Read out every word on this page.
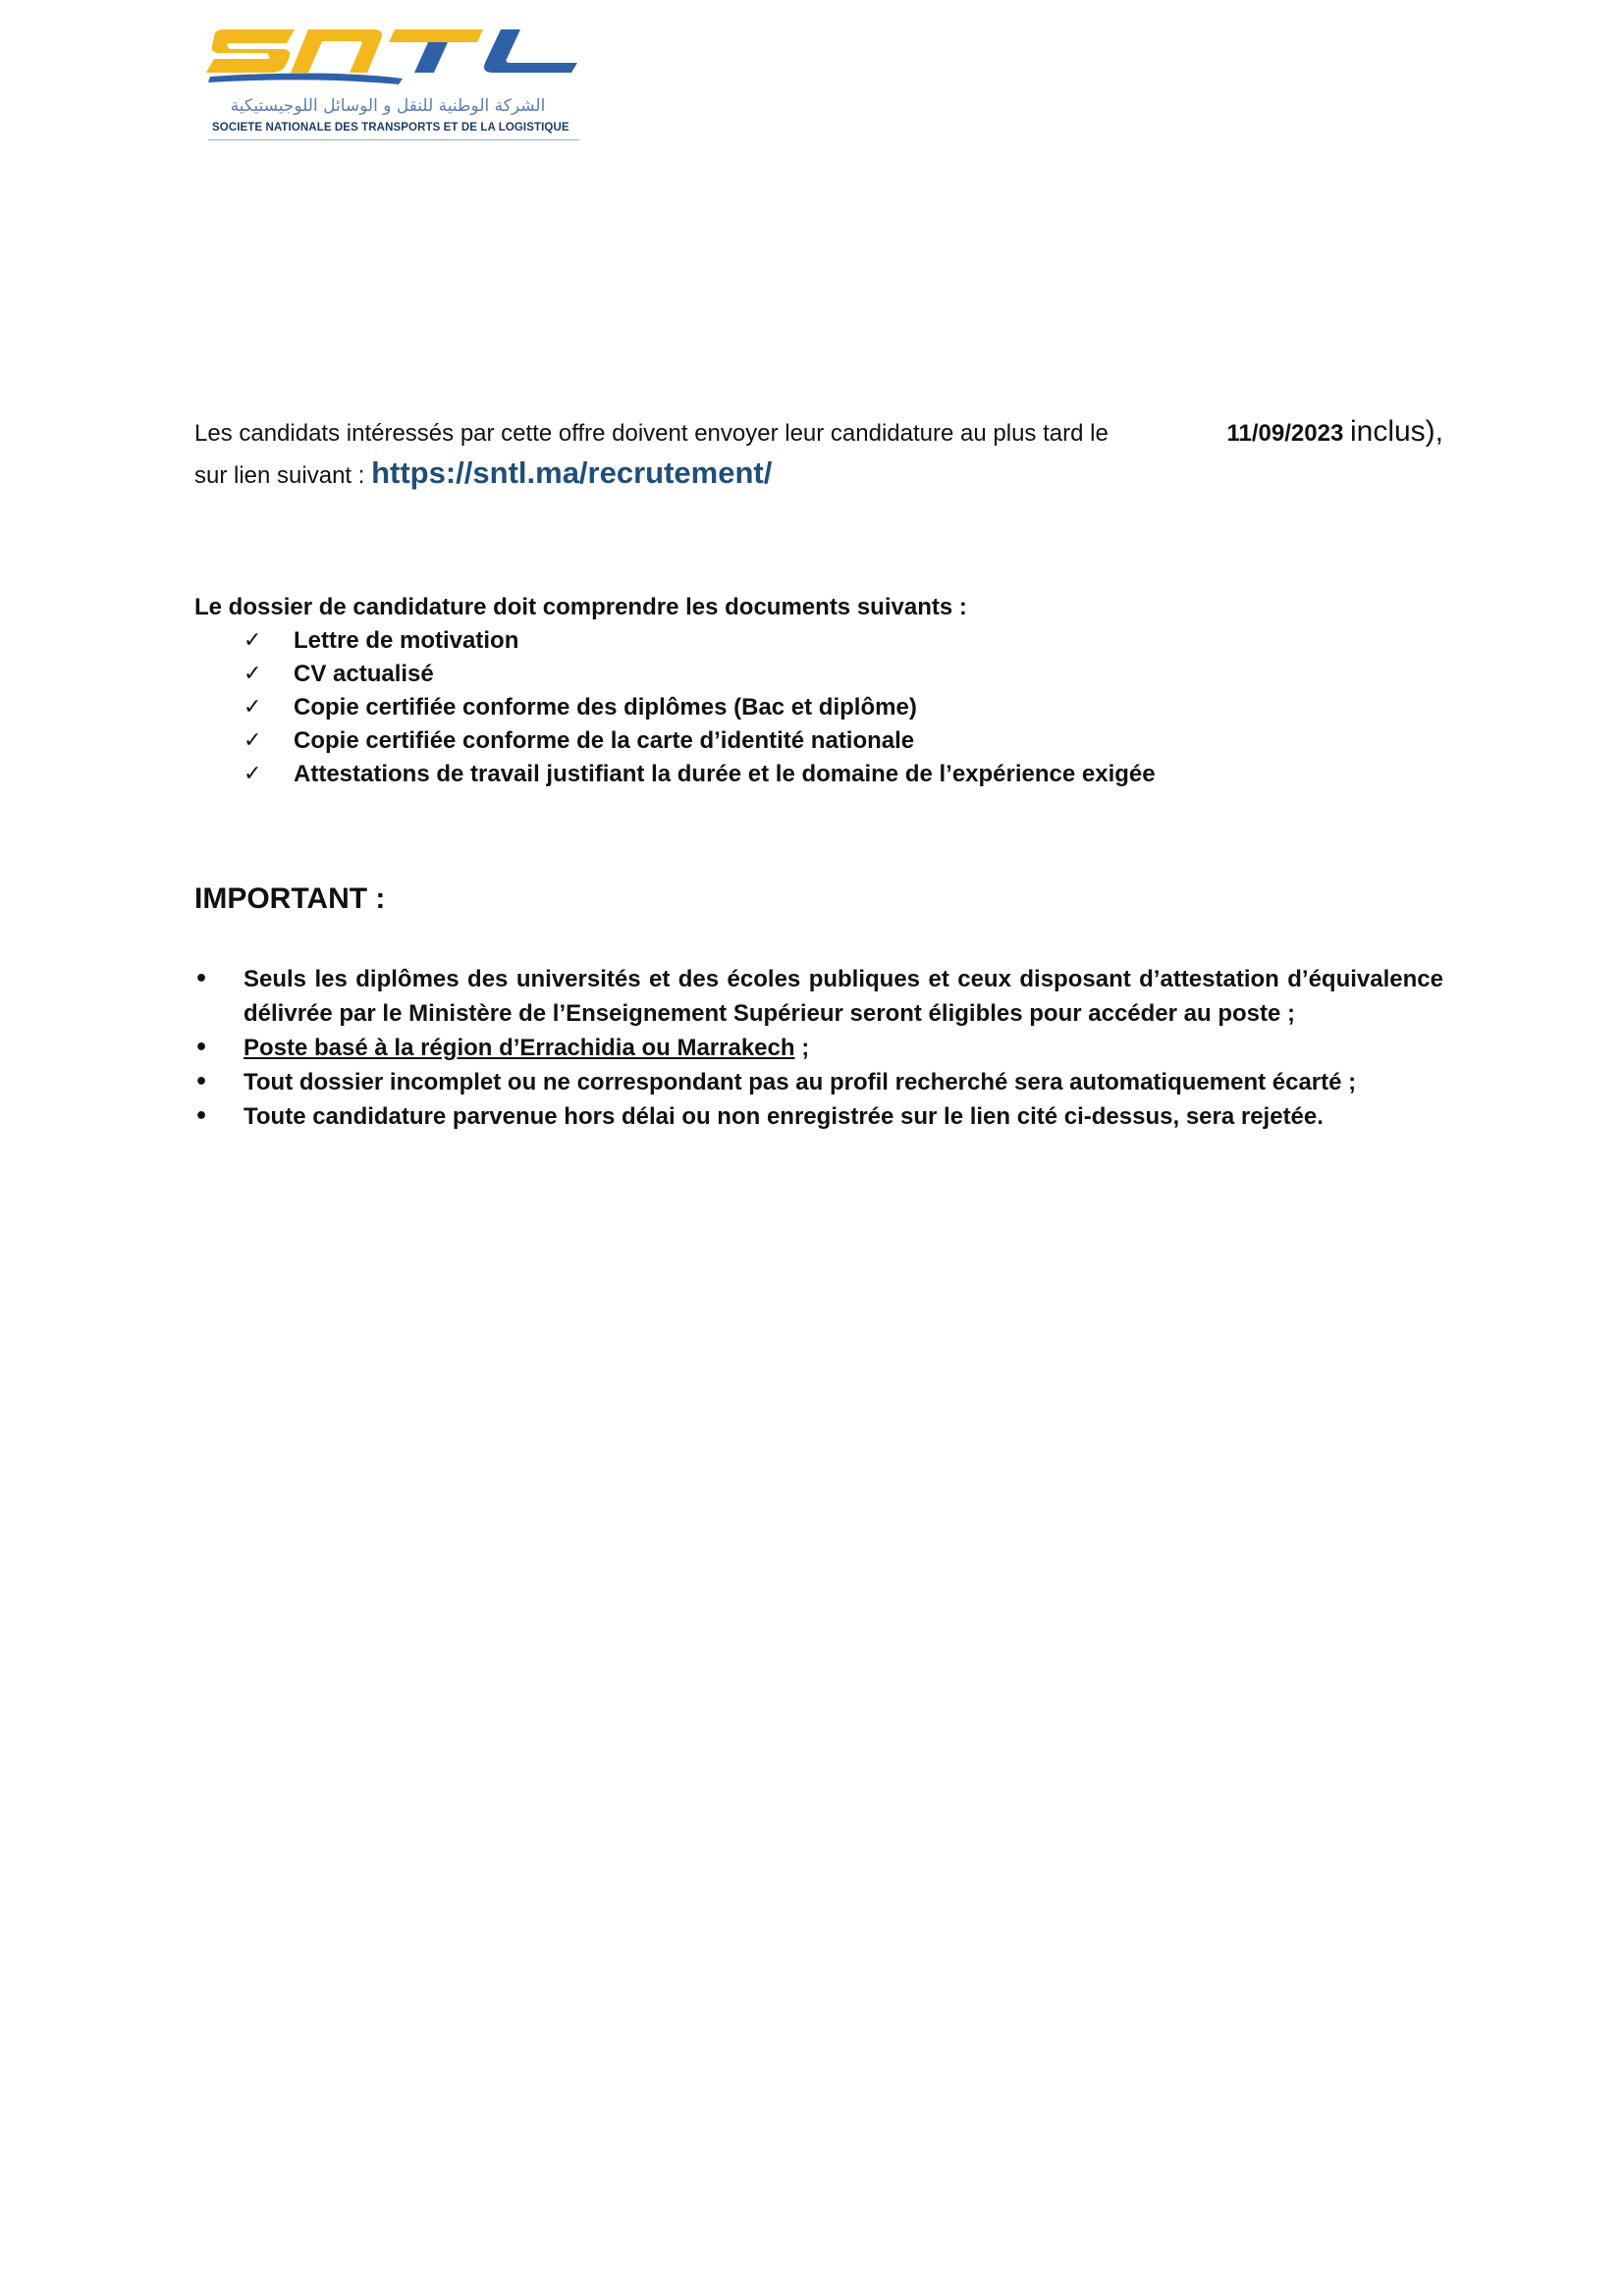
الشركة الوطنية للنقل و الوسائل اللوجيستيكية
SOCIETE NATIONALE DES TRANSPORTS ET DE LA LOGISTIQUE
Les candidats intéressés par cette offre doivent envoyer leur candidature au plus tard le	11/09/2023 inclus),
sur lien suivant : https://sntl.ma/recrutement/
Le dossier de candidature doit comprendre les documents suivants :
✓ Lettre de motivation
✓ CV actualisé
✓ Copie certifiée conforme des diplômes (Bac et diplôme)
✓ Copie certifiée conforme de la carte d’identité nationale
✓ Attestations de travail justifiant la durée et le domaine de l’expérience exigée
IMPORTANT :
• Seuls les diplômes des universités et des écoles publiques et ceux disposant d’attestation d’équivalence délivrée par le Ministère de l’Enseignement Supérieur seront éligibles pour accéder au poste ;
• Poste basé à la région d’Errachidia ou Marrakech ;
• Tout dossier incomplet ou ne correspondant pas au profil recherché sera automatiquement écarté ;
• Toute candidature parvenue hors délai ou non enregistrée sur le lien cité ci-dessus, sera rejetée.
